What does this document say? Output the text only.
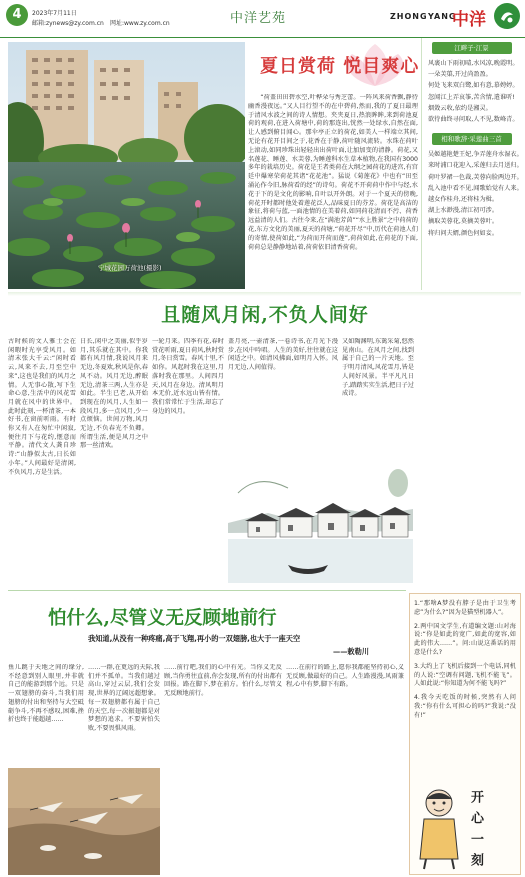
4	2023年7月11日
邮箱:zynews@zy.com.cn 网址:www.zy.com.cn	中洋艺苑	ZHONG YANG
中洋
宁城花园万荷池(摄影)
夏日赏荷 悦目爽心
“荷盖田田碧水空,叶桦朵与秀芝蕾。一阵风来荷香飘,静待幽香漫夜远。”又人目行望不的在中碧荷,然而,我的了夏日最理于清风水波之间的诗人情想。夹夹夏日,热浪眸眸,来到荷池夏荷的观荷,在进入荷塘中,荷的那连出,恍然一处绿水,自然在面,让人感到俯目闻心。那伞亭正立的荷花,如美人一样端立其间,无论有花开目间之于,花香在于静,荷叶随风流转。水珠在荷叶上滚动,如同珍珠出轻轻出出荷叶面,让加加变的清静。荷花,又名莲花、睡莲、水芙蓉,为睡莲科水生草本植物,在我国有3000多年的栽培历史。荷花是王者类荷在大纲之园荷花的进宫,有宫廷中爆寒荣荷花其诸“花花池”。猛说《菊莲花》中也有“田至涌沁作今旧,脉荷看的经”的诗句。荷花不开荷荷中作中与经,水花于下的是文化的影响,自叶以开外朗。对于一个夏天的傍晚,荷花开时都时他处着莲花泛人,品味夏日的芬芳。荷花是高洁的象征,将荷与蓝,一面池情的在美着荷,如同荷花清而不污、荷香远益清的人们。古往今来,在“满池芳茵”“水上胜景”之中荷荷的花,东方文化的美丽,夏天的荷塘,“荷花开尽”中,历代在荷池人们的寄情,使荷如此,“为荷而开荷而莲”,荷荷如此,在荷花的下面,荷荷总是静静地站着,荷荷依旧清香荷荷。
江畔子·江景
风裹山下雨初晴,水风凉,晚霞明。
一朵芙蕖,开过尚盈盈。
何处飞来双白鹭,如有意,慕娉婷。
忽闻江上弄哀筝,苦含情,遣谁听!
烟敛云收,依约是湘灵。
欲待曲终寻问取,人不见,数峰青。
相和歌辞·采莲曲三首
吴姬越艳楚王妃,争弄莲舟水湿衣。
来时浦口花迎入,采莲归去月送归。
荷叶罗裙一色裁,芙蓉向脸两边开。
乱入池中看不见,闻歌始觉有人来。
越女作桂舟,还将桂为楫。
湖上水渺漫,清江初可涉。
摘取芙蓉花,莫摘芙蓉叶。
将归问夫婿,颜色何如妾。
且随风月闲,不负人间好
古时候的文人雅士会在闲暇时光享受风月。如清末张大千云:“闲时看云,风来不去,月至空中来”,这也是我们的风月之情。人无事心散,写下生命心意,生活中的风花雪月就在风中的世界中。此时此刻,一杯清茶,一本好书,在窗前听雨。有时你又有人在匆忙中闲寂,便往月下与花约,惬意而平静。清代文人龚自珍诗:“山静似太古,日长如小年。”人间最好是清闲,不负风月,方是生活。
日长,闲中之美丽,似乎岁月,其乐就在其中。你我都有风月情,我说风月来无边,冬夏欢,秋风是你,春风不动。风月无边,醉眠无边,清茶三两,人生亦是如此。半生已老,从开始到现在的风月,人生如一段风月,多一点风月,少一点烦恼。世间万物,风月无边,不负春光不负卿。所谓生活,便是风月之中那一丝清欢。
一轮月来。四季有花,春时赏花听雨,夏日荷风,秋时赏月,冬日赏雪。春风十里,不如你。风起时我在这里,月落时我在那里。人间四月天,风月在身边。清风明月本无价,近水远山皆有情。我们常常忙于生活,却忘了身边的风月。
盖月亮,一壶清茶,一卷诗书,在月光下漫步,在风中吟唱。人生的美好,往往就在这闲适之中。如清风拂面,如明月入怀。风月无边,人间值得。
又如陶渊明,东篱采菊,悠然见南山。在风月之间,找到属于自己的一片天地。至于明月清风,风花雪月,皆是人间好风景。半平凡凡日子,踏踏实实生活,把日子过成诗。
怕什么,尽管义无反顾地前行
我知道,从没有一种疼痛,高于飞翔,再小的一双翅膀,也大于一座天空
——敕勒川
鱼儿跳于天地之间的缘分,不经意到别人眼里,并非就自己的能游到那个远。只是一双翅膀的奋斗,当我们用翅膀的付出和坚持与大空砥砺争斗,不再不感叹,困难,挫折也终于能超越……
……一群,在更远的天际,我们并不孤单。当我们越过高山,穿过云层,我们会发现,世界的辽阔远超想象。每一双翅膀都有属于自己的天空,每一次振翅都是对梦想的追求。不要害怕失败,不要畏惧风雨。
……前行吧,我们的心中有光。当你义无反顾,当你勇往直前,你会发现,所有的付出都有回报。路在脚下,梦在前方。怕什么,尽管义无反顾地前行。
……在前行的路上,愿你我都能坚持初心,义无反顾,做最好的自己。人生路漫漫,风雨兼程,心中有梦,脚下有路。
1.“那啥A梦没有脖子是由于卫生考虑”为什么?“因为是猫型机器人”。
2.两中国文学生,有道编文题:山对海说:“你是如此的宽广,如此的宽容,如此的伟大……”。问:山说这番话的用意是什么?
3.大约上了飞机后接到一个电话,同机的人说:“空调有问题,飞机不能飞”。人如此说:“你知道为何不能飞吗?”
4.我今天吃饭的时候,突然有人问我:“你有什么可担心的吗?”我说:“没有!”
开心一刻
